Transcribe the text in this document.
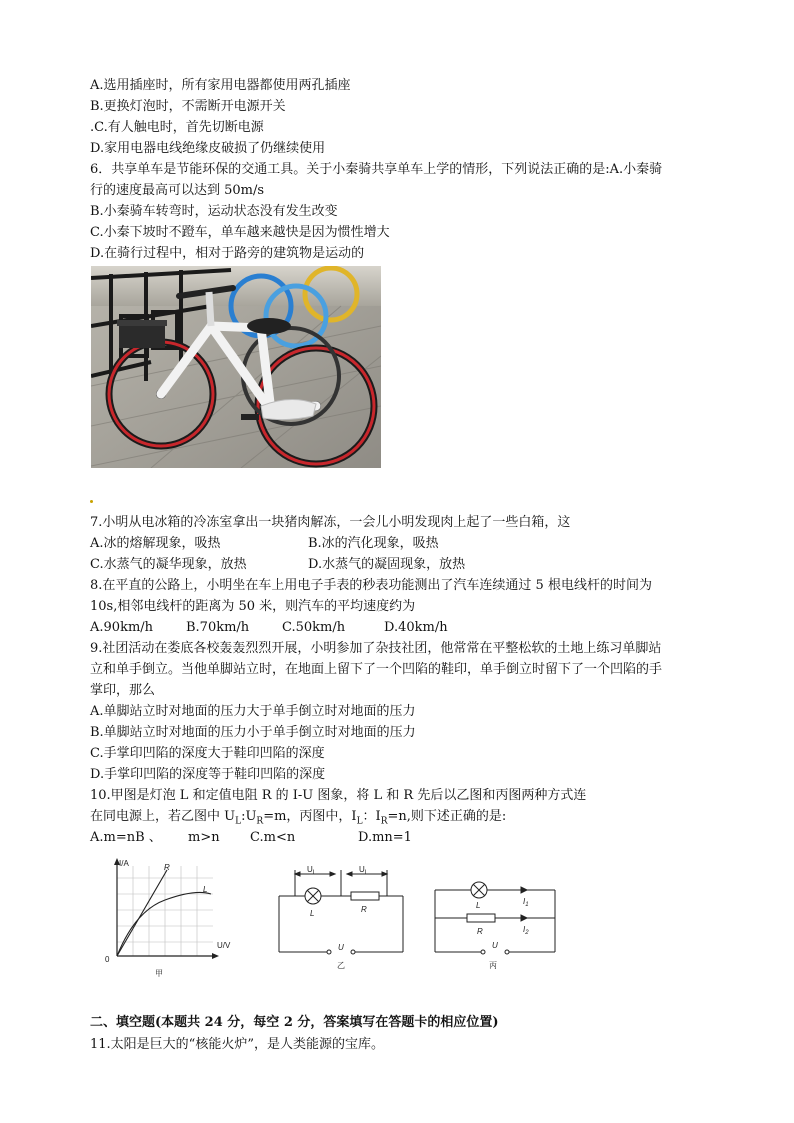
A.选用插座时，所有家用电器都使用两孔插座
B.更换灯泡时，不需断开电源开关
.C.有人触电时，首先切断电源
D.家用电器电线绝缘皮破损了仍继续使用
6．共享单车是节能环保的交通工具。关于小秦骑共享单车上学的情形，下列说法正确的是:A.小秦骑
行的速度最高可以达到 50m/s
B.小秦骑车转弯时，运动状态没有发生改变
C.小秦下坡时不蹬车，单车越来越快是因为惯性增大
D.在骑行过程中，相对于路旁的建筑物是运动的
7.小明从电冰箱的冷冻室拿出一块猪肉解冻，一会儿小明发现肉上起了一些白箱，这
A.冰的熔解现象，吸热	B.冰的汽化现象，吸热
C.水蒸气的凝华现象，放热	D.水蒸气的凝固现象，放热
8.在平直的公路上，小明坐在车上用电子手表的秒表功能测出了汽车连续通过 5 根电线杆的时间为
10s,相邻电线杆的距离为 50 米，则汽车的平均速度约为
A.90km/h	B.70km/h	C.50km/h	D.40km/h
9.社团活动在娄底各校轰轰烈烈开展，小明参加了杂技社团，他常常在平整松软的土地上练习单脚站
立和单手倒立。当他单脚站立时，在地面上留下了一个凹陷的鞋印，单手倒立时留下了一个凹陷的手
掌印，那么
A.单脚站立时对地面的压力大于单手倒立时对地面的压力
B.单脚站立时对地面的压力小于单手倒立时对地面的压力
C.手掌印凹陷的深度大于鞋印凹陷的深度
D.手掌印凹陷的深度等于鞋印凹陷的深度
10.甲图是灯泡 L 和定值电阻 R 的 I-U 图象，将 L 和 R 先后以乙图和丙图两种方式连
在同电源上，若乙图中 $U_L:U_R=m$，丙图中，$I_L$：$I_R=n$,则下述正确的是:
A.m=nB 、 m>n C.m<n	D.mn=1
I/A
U/V
0
R
L
甲
$U_L$	$U_L$
L	R
U
乙
L
R
$I_1$
$I_2$
U
丙
二、填空题(本题共 24 分，每空 2 分，答案填写在答题卡的相应位置)
11.太阳是巨大的“核能火炉”，是人类能源的宝库。
